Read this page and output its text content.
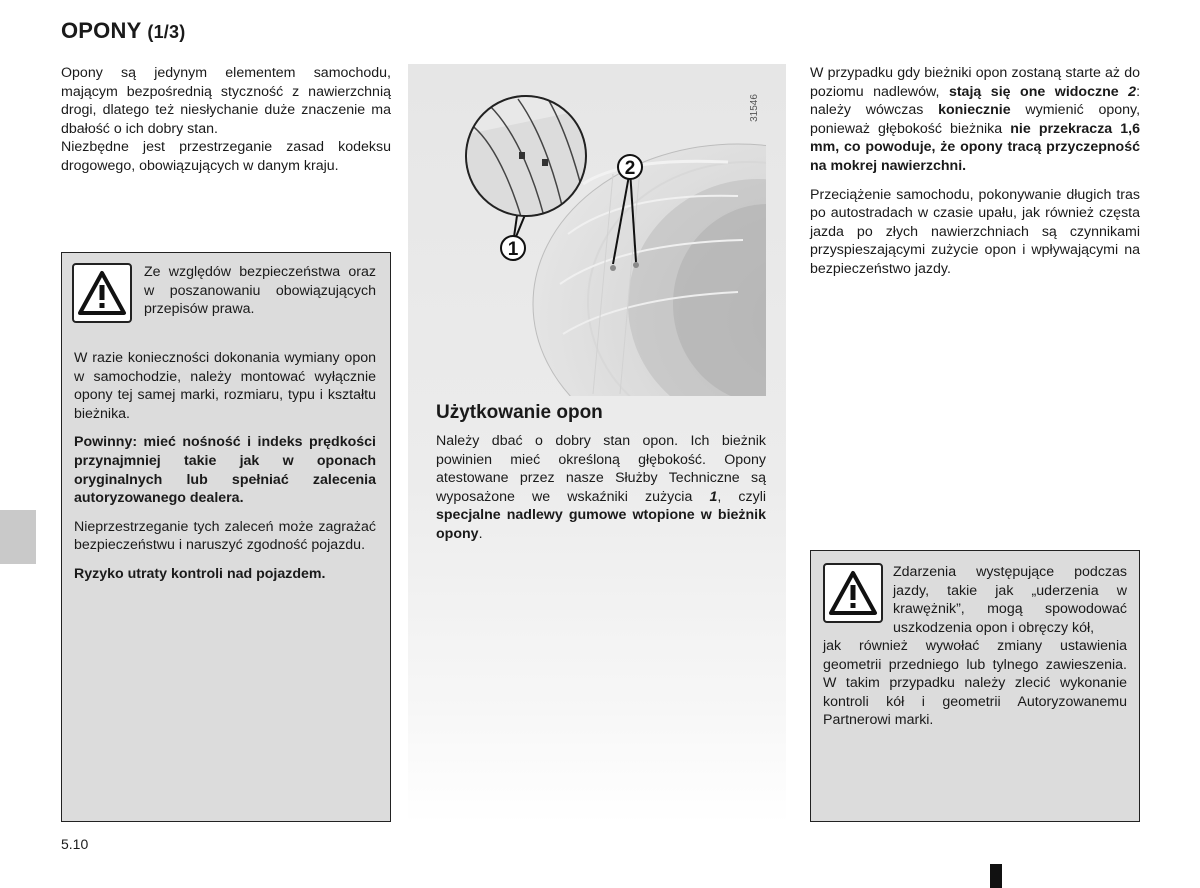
OPONY (1/3)

Opony są jedynym elementem samochodu, mającym bezpośrednią styczność z nawierzchnią drogi, dlatego też niesłychanie duże znaczenie ma dbałość o ich dobry stan.

Niezbędne jest przestrzeganie zasad kodeksu drogowego, obowiązujących w danym kraju.

Ze względów bezpieczeństwa oraz w poszanowaniu obowiązujących przepisów prawa.

W razie konieczności dokonania wymiany opon w samochodzie, należy montować wyłącznie opony tej samej marki, rozmiaru, typu i kształtu bieżnika.

Powinny: mieć nośność i indeks prędkości przynajmniej takie jak w oponach oryginalnych lub spełniać zalecenia autoryzowanego dealera.

Nieprzestrzeganie tych zaleceń może zagrażać bezpieczeństwu i naruszyć zgodność pojazdu.

Ryzyko utraty kontroli nad pojazdem.

1
2
31546
Użytkowanie opon

Należy dbać o dobry stan opon. Ich bieżnik powinien mieć określoną głębokość. Opony atestowane przez nasze Służby Techniczne są wyposażone we wskaźniki zużycia 1, czyli specjalne nadlewy gumowe wtopione w bieżnik opony.

W przypadku gdy bieżniki opon zostaną starte aż do poziomu nadlewów, stają się one widoczne 2: należy wówczas koniecznie wymienić opony, ponieważ głębokość bieżnika nie przekracza 1,6 mm, co powoduje, że opony tracą przyczepność na mokrej nawierzchni.

Przeciążenie samochodu, pokonywanie długich tras po autostradach w czasie upału, jak również częsta jazda po złych nawierzchniach są czynnikami przyspieszającymi zużycie opon i wpływającymi na bezpieczeństwo jazdy.

Zdarzenia występujące podczas jazdy, takie jak „uderzenia w krawężnik”, mogą spowodować uszkodzenia opon i obręczy kół,

jak również wywołać zmiany ustawienia geometrii przedniego lub tylnego zawieszenia. W takim przypadku należy zlecić wykonanie kontroli kół i geometrii Autoryzowanemu Partnerowi marki.

5.10
